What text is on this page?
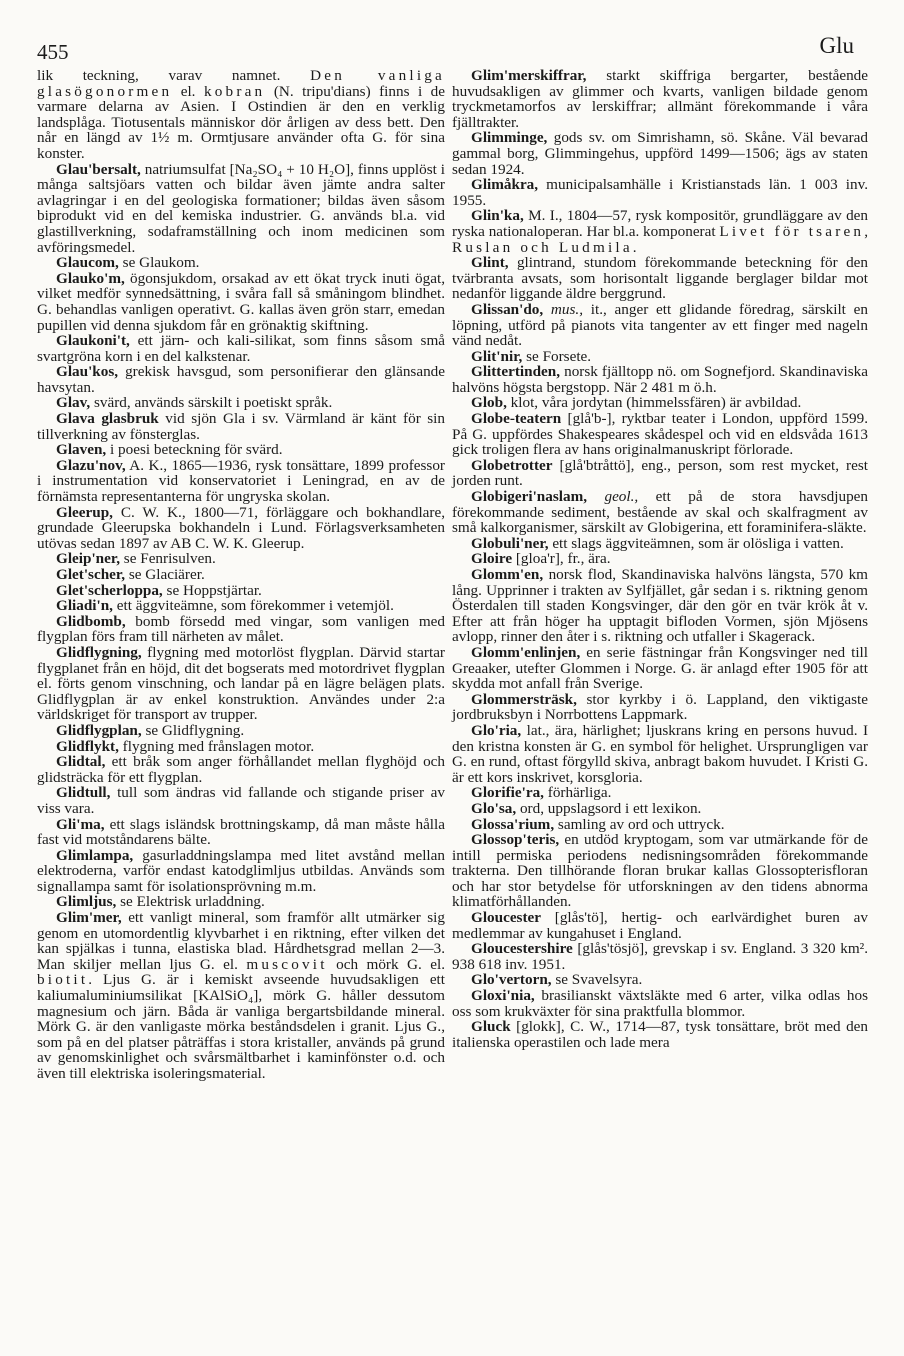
455	Glu

lik teckning, varav namnet. Den vanliga glasögonormen el. kobran (N. tripu'dians) finns i de varmare delarna av Asien. I Ostindien är den en verklig landsplåga. Tiotusentals människor dör årligen av dess bett. Den når en längd av 1½ m. Ormtjusare använder ofta G. för sina konster.

Glau'bersalt, natriumsulfat [Na₂SO₄ + 10 H₂O], finns upplöst i många saltsjöars vatten och bildar även jämte andra salter avlagringar i en del geologiska formationer; bildas även såsom biprodukt vid en del kemiska industrier. G. används bl.a. vid glastillverkning, sodaframställning och inom medicinen som avföringsmedel.

Glaucom, se Glaukom.

Glauko'm, ögonsjukdom, orsakad av ett ökat tryck inuti ögat, vilket medför synnedsättning, i svåra fall så småningom blindhet. G. behandlas vanligen operativt. G. kallas även grön starr, emedan pupillen vid denna sjukdom får en grönaktig skiftning.

Glaukoni't, ett järn- och kali-silikat, som finns såsom små svartgröna korn i en del kalkstenar.

Glau'kos, grekisk havsgud, som personifierar den glänsande havsytan.

Glav, svärd, används särskilt i poetiskt språk.

Glava glasbruk vid sjön Gla i sv. Värmland är känt för sin tillverkning av fönsterglas.

Glaven, i poesi beteckning för svärd.

Glazu'nov, A. K., 1865—1936, rysk tonsättare, 1899 professor i instrumentation vid konservatoriet i Leningrad, en av de förnämsta representanterna för ungryska skolan.

Gleerup, C. W. K., 1800—71, förläggare och bokhandlare, grundade Gleerupska bokhandeln i Lund. Förlagsverksamheten utövas sedan 1897 av AB C. W. K. Gleerup.

Gleip'ner, se Fenrisulven.

Glet'scher, se Glaciärer.

Glet'scherloppa, se Hoppstjärtar.

Gliadi'n, ett äggviteämne, som förekommer i vetemjöl.

Glidbomb, bomb försedd med vingar, som vanligen med flygplan förs fram till närheten av målet.

Glidflygning, flygning med motorlöst flygplan. Därvid startar flygplanet från en höjd, dit det bogserats med motordrivet flygplan el. förts genom vinschning, och landar på en lägre belägen plats. Glidflygplan är av enkel konstruktion. Användes under 2:a världskriget för transport av trupper.

Glidflygplan, se Glidflygning.

Glidflykt, flygning med frånslagen motor.

Glidtal, ett bråk som anger förhållandet mellan flyghöjd och glidsträcka för ett flygplan.

Glidtull, tull som ändras vid fallande och stigande priser av viss vara.

Gli'ma, ett slags isländsk brottningskamp, då man måste hålla fast vid motståndarens bälte.

Glimlampa, gasurladdningslampa med litet avstånd mellan elektroderna, varför endast katodglimljus utbildas. Används som signallampa samt för isolationsprövning m.m.

Glimljus, se Elektrisk urladdning.

Glim'mer, ett vanligt mineral, som framför allt utmärker sig genom en utomordentlig klyvbarhet i en riktning, efter vilken det kan spjälkas i tunna, elastiska blad. Hårdhetsgrad mellan 2—3. Man skiljer mellan ljus G. el. muscovit och mörk G. el. biotit. Ljus G. är i kemiskt avseende huvudsakligen ett kaliumaluminiumsilikat [KAlSiO₄], mörk G. håller dessutom magnesium och järn. Båda är vanliga bergartsbildande mineral. Mörk G. är den vanligaste mörka beståndsdelen i granit. Ljus G., som på en del platser påträffas i stora kristaller, används på grund av genomskinlighet och svårsmältbarhet i kaminfönster o.d. och även till elektriska isoleringsmaterial.

Glim'merskiffrar, starkt skiffriga bergarter, bestående huvudsakligen av glimmer och kvarts, vanligen bildade genom tryckmetamorfos av lerskiffrar; allmänt förekommande i våra fjälltrakter.

Glimminge, gods sv. om Simrishamn, sö. Skåne. Väl bevarad gammal borg, Glimmingehus, uppförd 1499—1506; ägs av staten sedan 1924.

Glimåkra, municipalsamhälle i Kristianstads län. 1 003 inv. 1955.

Glin'ka, M. I., 1804—57, rysk kompositör, grundläggare av den ryska nationaloperan. Har bl.a. komponerat Livet för tsaren, Ruslan och Ludmila.

Glint, glintrand, stundom förekommande beteckning för den tvärbranta avsats, som horisontalt liggande berglager bildar mot nedanför liggande äldre berggrund.

Glissan'do, mus., it., anger ett glidande föredrag, särskilt en löpning, utförd på pianots vita tangenter av ett finger med nageln vänd nedåt.

Glit'nir, se Forsete.

Glittertinden, norsk fjälltopp nö. om Sognefjord. Skandinaviska halvöns högsta bergstopp. När 2 481 m ö.h.

Glob, klot, vårа jordytan (himmelssfären) är avbildad.

Globe-teatern [glå'b-], ryktbar teater i London, uppförd 1599. På G. uppfördes Shakespeares skådespel och vid en eldsvåda 1613 gick troligen flera av hans originalmanuskript förlorade.

Globetrotter [glå'btråttö], eng., person, som rest mycket, rest jorden runt.

Globigeri'naslam, geol., ett på de stora havsdjupen förekommande sediment, bestående av skal och skalfragment av små kalkorganismer, särskilt av Globigerina, ett foraminifera-släkte.

Globuli'ner, ett slags äggviteämnen, som är olösliga i vatten.

Gloire [gloa'r], fr., ära.

Glomm'en, norsk flod, Skandinaviska halvöns längsta, 570 km lång. Upprinner i trakten av Sylfjället, går sedan i s. riktning genom Österdalen till staden Kongsvinger, där den gör en tvär krök åt v. Efter att från höger ha upptagit bifloden Vormen, sjön Mjösens avlopp, rinner den åter i s. riktning och utfaller i Skagerack.

Glomm'enlinjen, en serie fästningar från Kongsvinger ned till Greaaker, utefter Glommen i Norge. G. är anlagd efter 1905 för att skydda mot anfall från Sverige.

Glommersträsk, stor kyrkby i ö. Lappland, den viktigaste jordbruksbyn i Norrbottens Lappmark.

Glo'ria, lat., ära, härlighet; ljuskrans kring en persons huvud. I den kristna konsten är G. en symbol för helighet. Ursprungligen var G. en rund, oftast förgylld skiva, anbragt bakom huvudet. I Kristi G. är ett kors inskrivet, korsgloria.

Glorifie'ra, förhärliga.

Glo'sa, ord, uppslagsord i ett lexikon.

Glossa'rium, samling av ord och uttryck.

Glossop'teris, en utdöd kryptogam, som var utmärkande för de intill permiska periodens nedisningsområden förekommande trakterna. Den tillhörande floran brukar kallas Glossopterisfloran och har stor betydelse för utforskningen av den tidens abnorma klimatförhållanden.

Gloucester [glås'tö], hertig- och earlvärdighet buren av medlemmar av kungahuset i England.

Gloucestershire [glås'tösjö], grevskap i sv. England. 3 320 km². 938 618 inv. 1951.

Glo'vertorn, se Svavelsyra.

Gloxi'nia, brasilianskt växtsläkte med 6 arter, vilka odlas hos oss som krukväxter för sina praktfulla blommor.

Gluck [glokk], C. W., 1714—87, tysk tonsättare, bröt med den italienska operastilen och lade mera
